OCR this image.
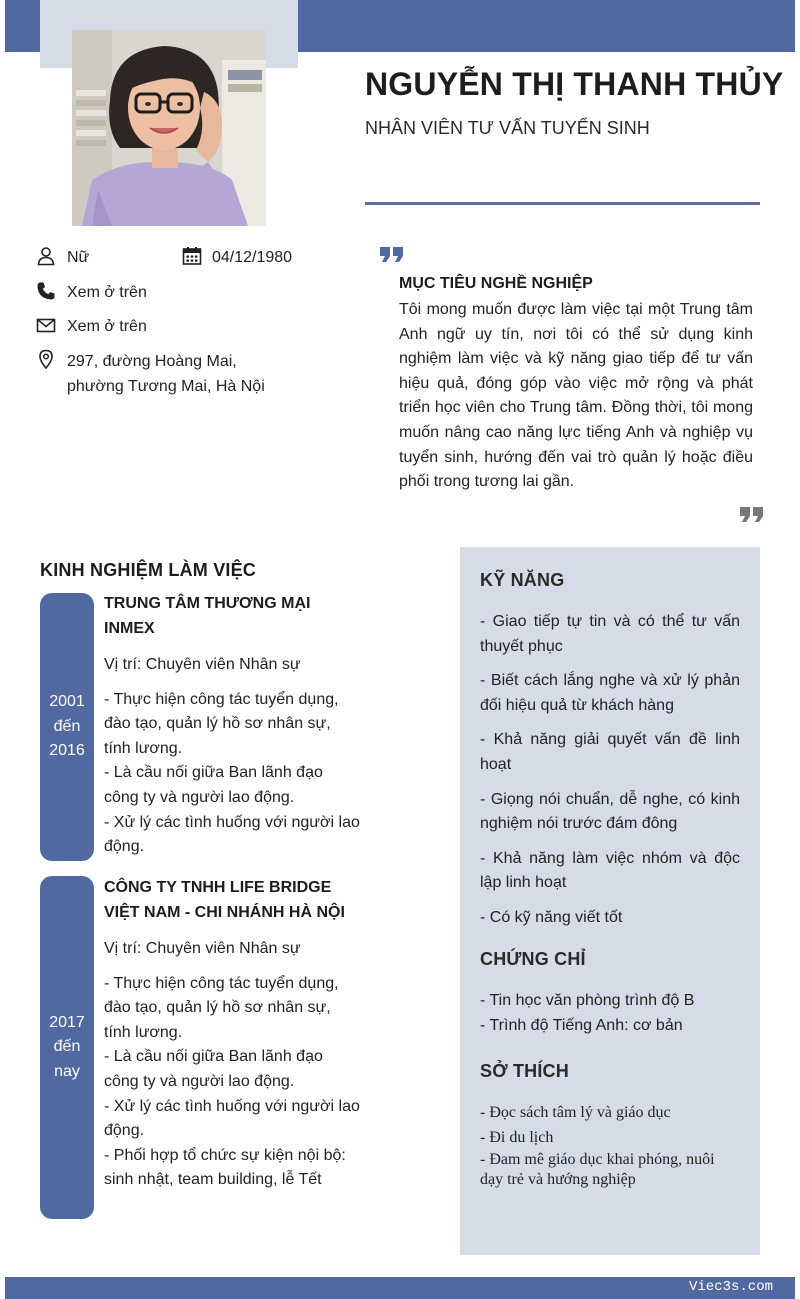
NGUYỄN THỊ THANH THỦY
NHÂN VIÊN TƯ VẤN TUYỂN SINH
Nữ	04/12/1980
Xem ở trên
Xem ở trên
297, đường Hoàng Mai,
phường Tương Mai, Hà Nội
MỤC TIÊU NGHỀ NGHIỆP
Tôi mong muốn được làm việc tại một Trung tâm Anh ngữ uy tín, nơi tôi có thể sử dụng kinh nghiệm làm việc và kỹ năng giao tiếp để tư vấn hiệu quả, đóng góp vào việc mở rộng và phát triển học viên cho Trung tâm. Đồng thời, tôi mong muốn nâng cao năng lực tiếng Anh và nghiệp vụ tuyển sinh, hướng đến vai trò quản lý hoặc điều phối trong tương lai gần.
KINH NGHIỆM LÀM VIỆC
2001
đến
2016
TRUNG TÂM THƯƠNG MẠI
INMEX
Vị trí: Chuyên viên Nhân sự
- Thực hiện công tác tuyển dụng, đào tạo, quản lý hồ sơ nhân sự, tính lương.
- Là cầu nối giữa Ban lãnh đạo công ty và người lao động.
- Xử lý các tình huống với người lao động.
2017
đến
nay
CÔNG TY TNHH LIFE BRIDGE
VIỆT NAM - CHI NHÁNH HÀ NỘI
Vị trí: Chuyên viên Nhân sự
- Thực hiện công tác tuyển dụng, đào tạo, quản lý hồ sơ nhân sự, tính lương.
- Là cầu nối giữa Ban lãnh đạo công ty và người lao động.
- Xử lý các tình huống với người lao động.
- Phối hợp tổ chức sự kiện nội bộ: sinh nhật, team building, lễ Tết
KỸ NĂNG
- Giao tiếp tự tin và có thể tư vấn thuyết phục
- Biết cách lắng nghe và xử lý phản đối hiệu quả từ khách hàng
- Khả năng giải quyết vấn đề linh hoạt
- Giọng nói chuẩn, dễ nghe, có kinh nghiệm nói trước đám đông
- Khả năng làm việc nhóm và độc lập linh hoạt
- Có kỹ năng viết tốt
CHỨNG CHỈ
- Tin học văn phòng trình độ B
- Trình độ Tiếng Anh: cơ bản
SỞ THÍCH
- Đọc sách tâm lý và giáo dục
- Đi du lịch
- Đam mê giáo dục khai phóng, nuôi dạy trẻ và hướng nghiệp
Viec3s.com
